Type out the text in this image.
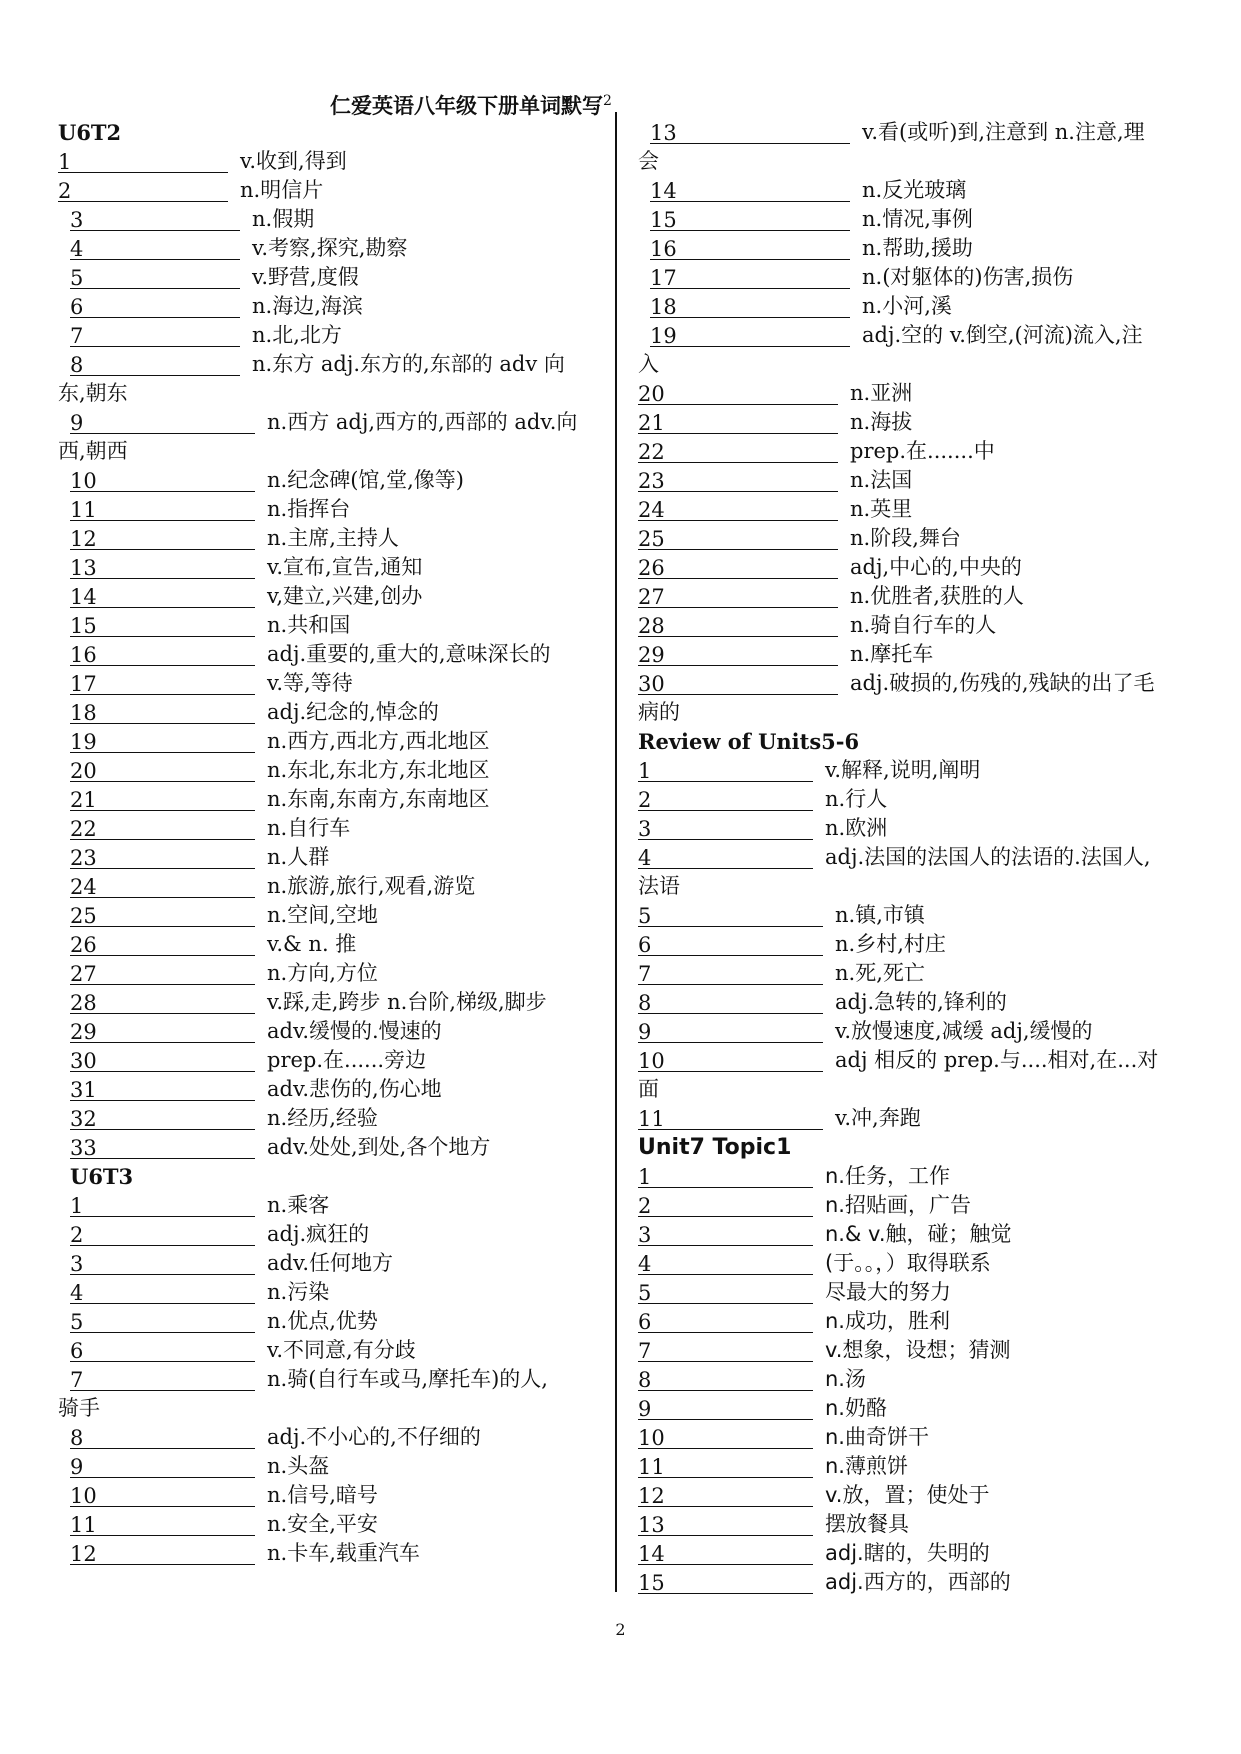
仁爱英语八年级下册单词默写$^2$
U6T2
1	v.收到,得到
2	n.明信片
3	n.假期
4	v.考察,探究,勘察
5	v.野营,度假
6	n.海边,海滨
7	n.北,北方
8	n.东方 adj.东方的,东部的 adv 向
东,朝东
9	n.西方 adj,西方的,西部的 adv.向
西,朝西
10	n.纪念碑(馆,堂,像等)
11	n.指挥台
12	n.主席,主持人
13	v.宣布,宣告,通知
14	v,建立,兴建,创办
15	n.共和国
16	adj.重要的,重大的,意味深长的
17	v.等,等待
18	adj.纪念的,悼念的
19	n.西方,西北方,西北地区
20	n.东北,东北方,东北地区
21	n.东南,东南方,东南地区
22	n.自行车
23	n.人群
24	n.旅游,旅行,观看,游览
25	n.空间,空地
26	v.& n. 推
27	n.方向,方位
28	v.踩,走,跨步 n.台阶,梯级,脚步
29	adv.缓慢的.慢速的
30	prep.在......旁边
31	adv.悲伤的,伤心地
32	n.经历,经验
33	adv.处处,到处,各个地方
U6T3
1	n.乘客
2	adj.疯狂的
3	adv.任何地方
4	n.污染
5	n.优点,优势
6	v.不同意,有分歧
7	n.骑(自行车或马,摩托车)的人,
骑手
8	adj.不小心的,不仔细的
9	n.头盔
10	n.信号,暗号
11	n.安全,平安
12	n.卡车,载重汽车
13	v.看(或听)到,注意到 n.注意,理
会
14	n.反光玻璃
15	n.情况,事例
16	n.帮助,援助
17	n.(对躯体的)伤害,损伤
18	n.小河,溪
19	adj.空的 v.倒空,(河流)流入,注
入
20	n.亚洲
21	n.海拔
22	prep.在.......中
23	n.法国
24	n.英里
25	n.阶段,舞台
26	adj,中心的,中央的
27	n.优胜者,获胜的人
28	n.骑自行车的人
29	n.摩托车
30	adj.破损的,伤残的,残缺的出了毛
病的
Review of Units5-6
1	v.解释,说明,阐明
2	n.行人
3	n.欧洲
4	adj.法国的法国人的法语的.法国人,
法语
5	n.镇,市镇
6	n.乡村,村庄
7	n.死,死亡
8	adj.急转的,锋利的
9	v.放慢速度,减缓 adj,缓慢的
10	adj 相反的 prep.与....相对,在...对
面
11	v.冲,奔跑
Unit7 Topic1
1	n.任务，工作
2	n.招贴画，广告
3	n.& v.触，碰；触觉
4	(于。。，）取得联系
5	尽最大的努力
6	n.成功，胜利
7	v.想象，设想；猜测
8	n.汤
9	n.奶酪
10	n.曲奇饼干
11	n.薄煎饼
12	v.放，置；使处于
13	摆放餐具
14	adj.瞎的，失明的
15	adj.西方的，西部的
2
